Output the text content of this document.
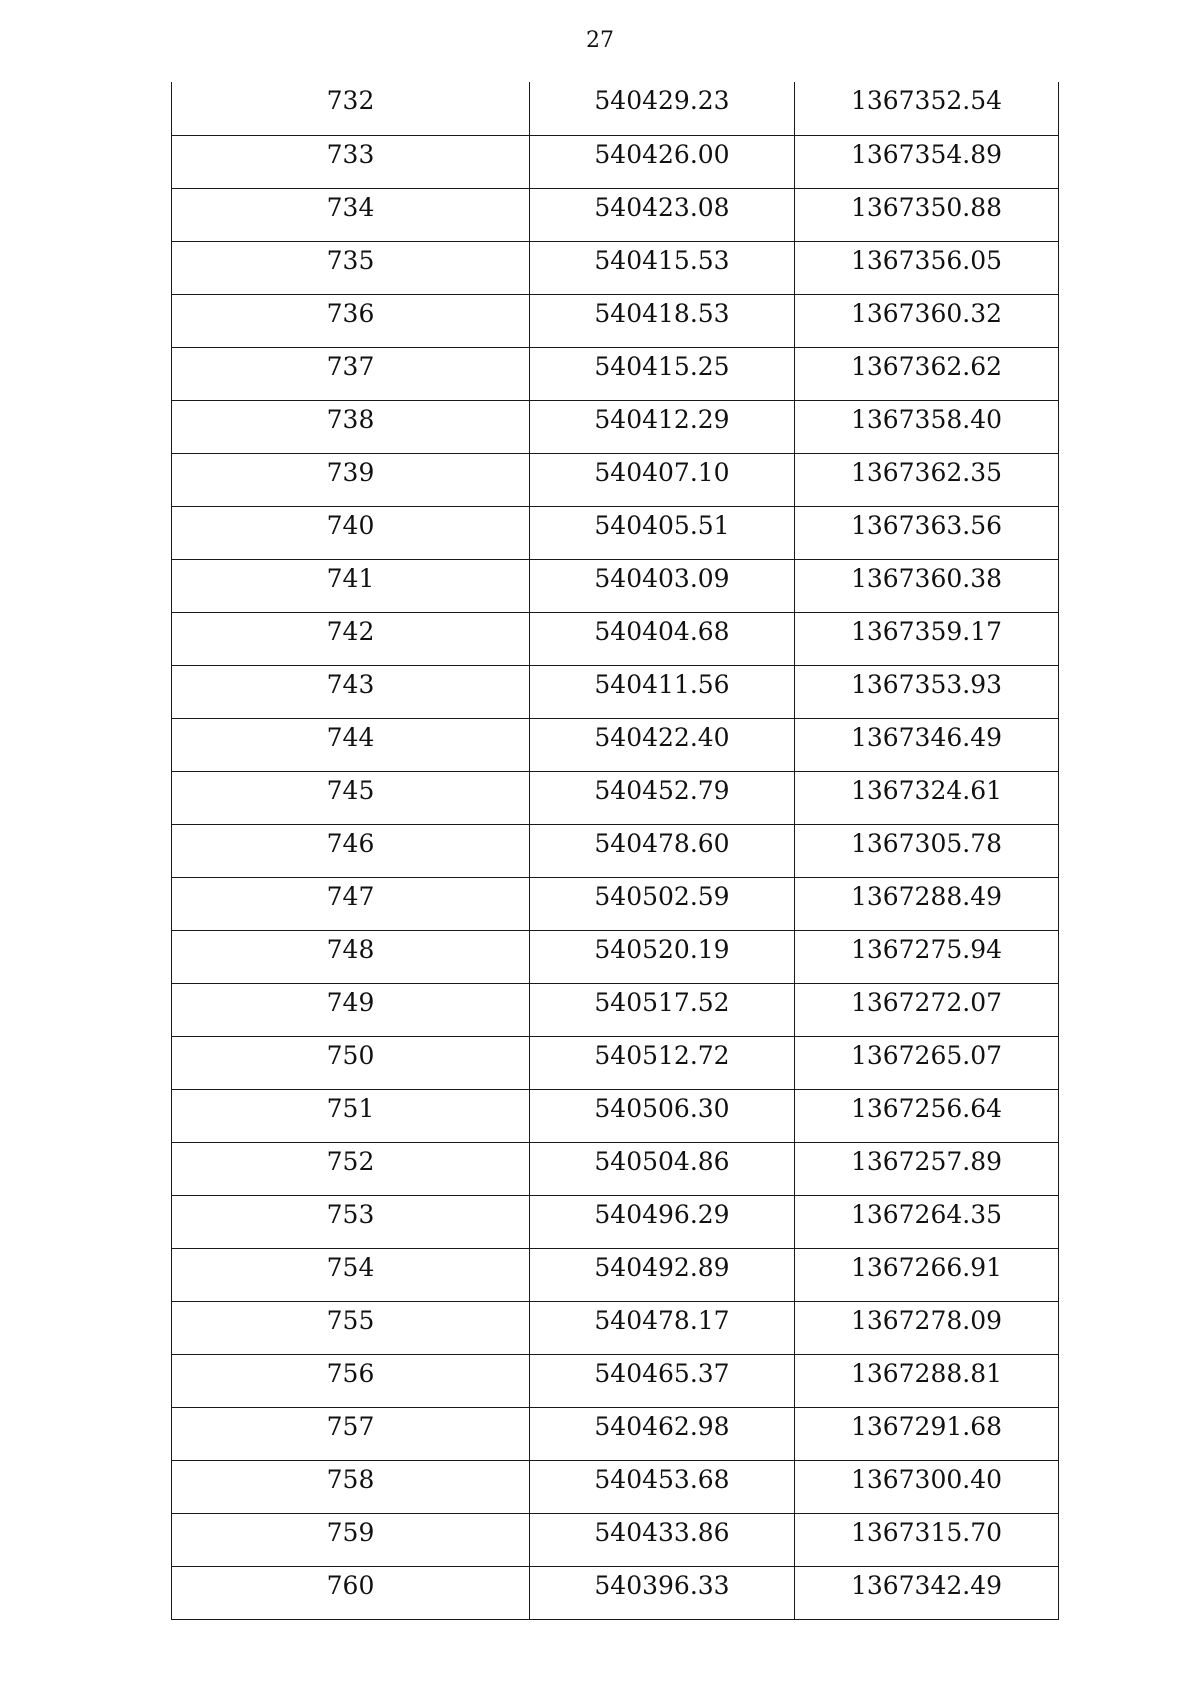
27
732	540429.23	1367352.54
733	540426.00	1367354.89
734	540423.08	1367350.88
735	540415.53	1367356.05
736	540418.53	1367360.32
737	540415.25	1367362.62
738	540412.29	1367358.40
739	540407.10	1367362.35
740	540405.51	1367363.56
741	540403.09	1367360.38
742	540404.68	1367359.17
743	540411.56	1367353.93
744	540422.40	1367346.49
745	540452.79	1367324.61
746	540478.60	1367305.78
747	540502.59	1367288.49
748	540520.19	1367275.94
749	540517.52	1367272.07
750	540512.72	1367265.07
751	540506.30	1367256.64
752	540504.86	1367257.89
753	540496.29	1367264.35
754	540492.89	1367266.91
755	540478.17	1367278.09
756	540465.37	1367288.81
757	540462.98	1367291.68
758	540453.68	1367300.40
759	540433.86	1367315.70
760	540396.33	1367342.49
